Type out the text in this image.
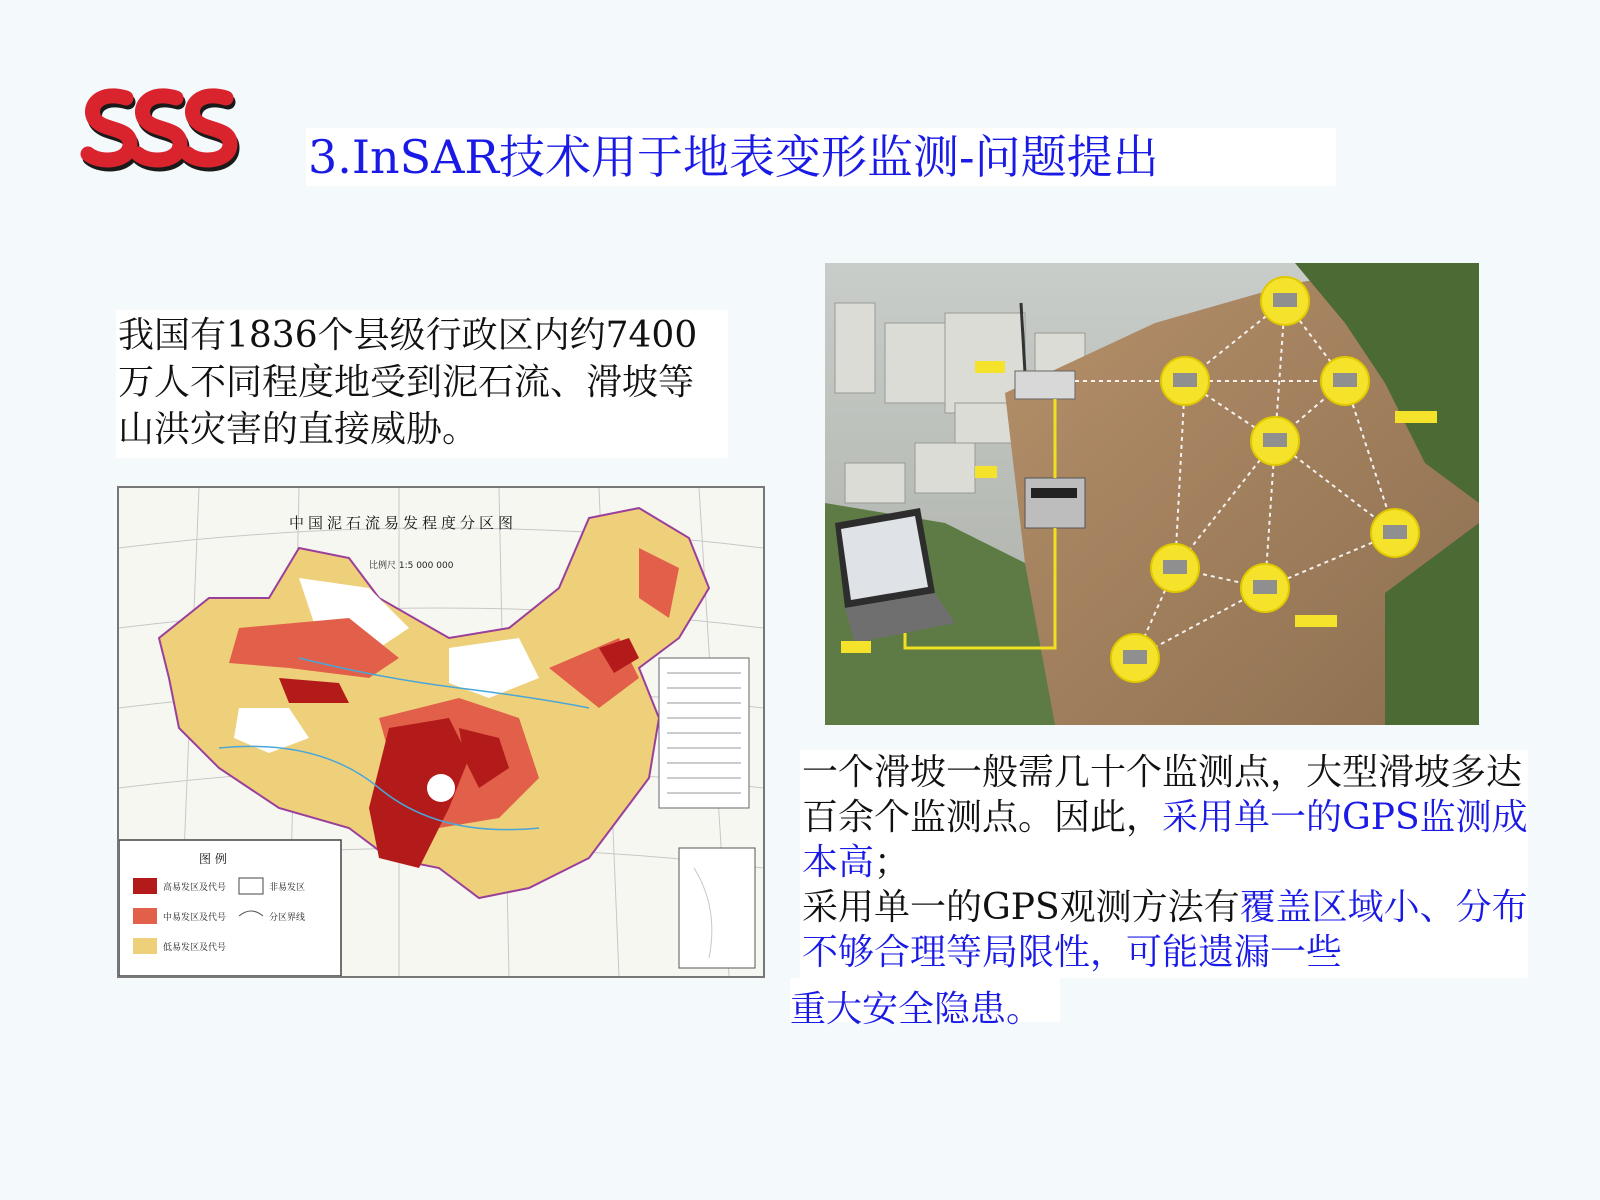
3.InSAR技术用于地表变形监测-问题提出
我国有1836个县级行政区内约7400万人不同程度地受到泥石流、滑坡等山洪灾害的直接威胁。
中国泥石流易发程度分区图
比例尺 1:5 000 000
图 例
高易发区及代号
中易发区及代号
低易发区及代号
非易发区
分区界线
一个滑坡一般需几十个监测点，大型滑坡多达百余个监测点。因此，采用单一的GPS监测成本高；
采用单一的GPS观测方法有覆盖区域小、分布不够合理等局限性，可能遗漏一些
重大安全隐患。
